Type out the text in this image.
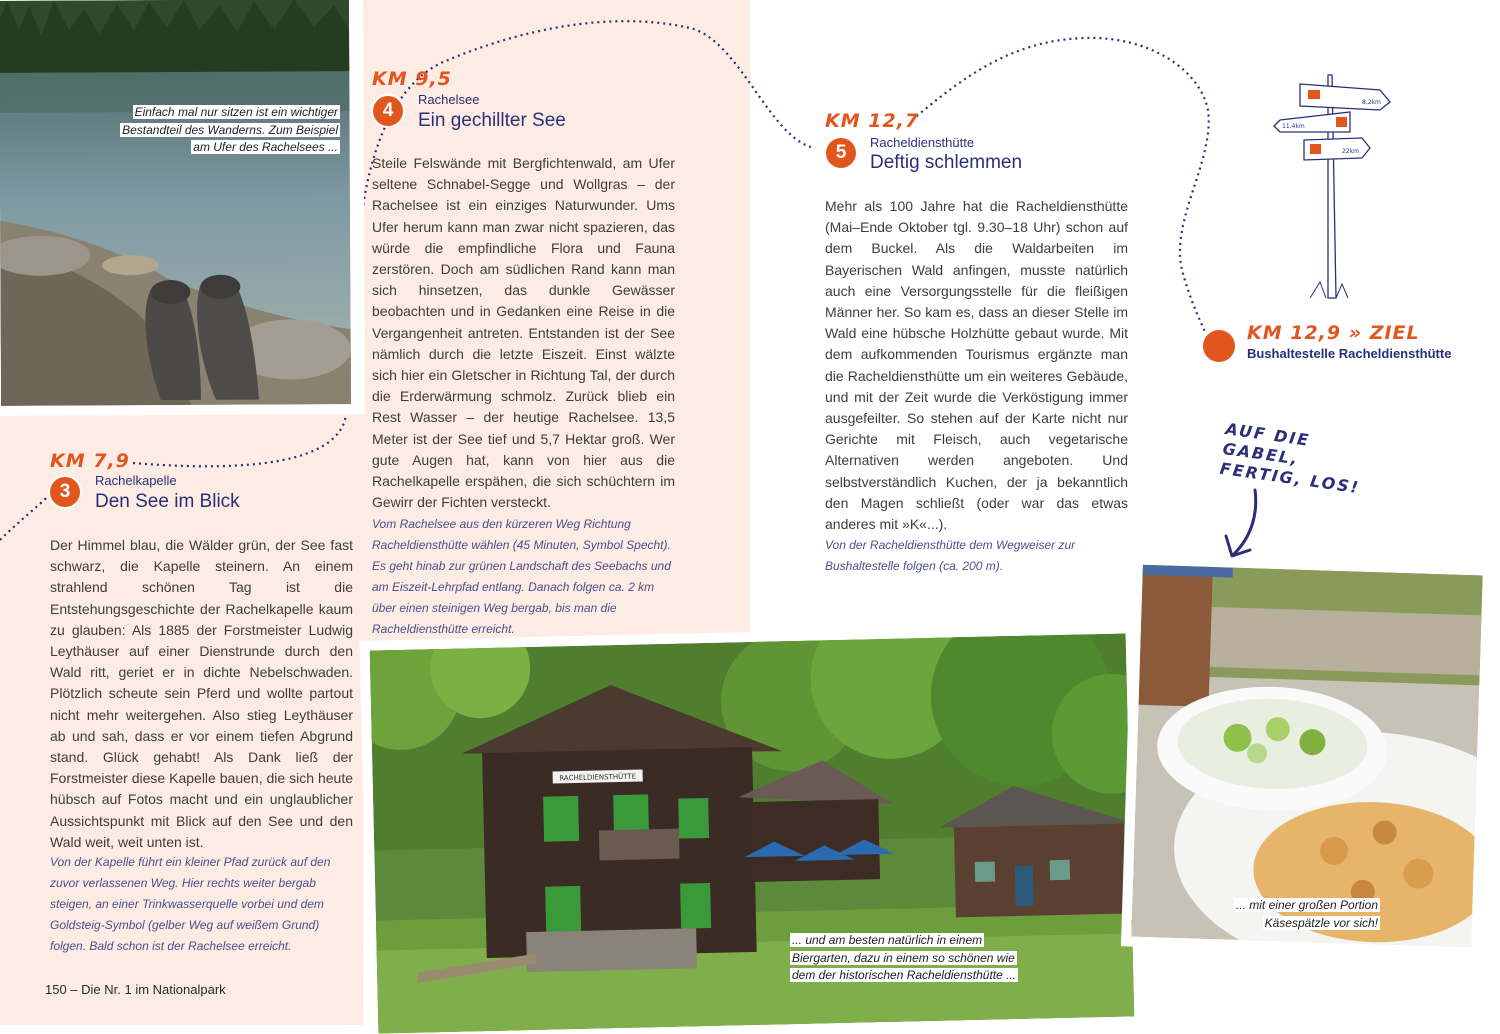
Einfach mal nur sitzen ist ein wichtiger Bestandteil des Wanderns. Zum Beispiel am Ufer des Rachelsees ...
KM 7,9
3
Rachelkapelle
Den See im Blick
Der Himmel blau, die Wälder grün, der See fast schwarz, die Kapelle steinern. An einem strahlend schönen Tag ist die Entstehungsgeschichte der Rachelkapelle kaum zu glauben: Als 1885 der Forstmeister Ludwig Leythäuser auf einer Dienstrunde durch den Wald ritt, geriet er in dichte Nebelschwaden. Plötzlich scheute sein Pferd und wollte partout nicht mehr weitergehen. Also stieg Leythäuser ab und sah, dass er vor einem tiefen Abgrund stand. Glück gehabt! Als Dank ließ der Forstmeister diese Kapelle bauen, die sich heute hübsch auf Fotos macht und ein unglaublicher Aussichtspunkt mit Blick auf den See und den Wald weit, weit unten ist.
Von der Kapelle führt ein kleiner Pfad zurück auf den zuvor verlassenen Weg. Hier rechts weiter bergab steigen, an einer Trinkwasserquelle vorbei und dem Goldsteig-Symbol (gelber Weg auf weißem Grund) folgen. Bald schon ist der Rachelsee erreicht.
KM 9,5
4
Rachelsee
Ein gechillter See
Steile Felswände mit Bergfichtenwald, am Ufer seltene Schnabel-Segge und Wollgras – der Rachelsee ist ein einziges Naturwunder. Ums Ufer herum kann man zwar nicht spazieren, das würde die empfindliche Flora und Fauna zerstören. Doch am südlichen Rand kann man sich hinsetzen, das dunkle Gewässer beobachten und in Gedanken eine Reise in die Vergangenheit antreten. Entstanden ist der See nämlich durch die letzte Eiszeit. Einst wälzte sich hier ein Gletscher in Richtung Tal, der durch die Erderwärmung schmolz. Zurück blieb ein Rest Wasser – der heutige Rachelsee. 13,5 Meter ist der See tief und 5,7 Hektar groß. Wer gute Augen hat, kann von hier aus die Rachelkapelle erspähen, die sich schüchtern im Gewirr der Fichten versteckt.
Vom Rachelsee aus den kürzeren Weg Richtung Racheldiensthütte wählen (45 Minuten, Symbol Specht). Es geht hinab zur grünen Landschaft des Seebachs und am Eiszeit-Lehrpfad entlang. Danach folgen ca. 2 km über einen steinigen Weg bergab, bis man die Racheldiensthütte erreicht.
KM 12,7
5	Racheldiensthütte
Deftig schlemmen
Mehr als 100 Jahre hat die Racheldiensthütte (Mai–Ende Oktober tgl. 9.30–18 Uhr) schon auf dem Buckel. Als die Waldarbeiten im Bayerischen Wald anfingen, musste natürlich auch eine Versorgungsstelle für die fleißigen Männer her. So kam es, dass an dieser Stelle im Wald eine hübsche Holzhütte gebaut wurde. Mit dem aufkommenden Tourismus ergänzte man die Racheldiensthütte um ein weiteres Gebäude, und mit der Zeit wurde die Verköstigung immer ausgefeilter. So stehen auf der Karte nicht nur Gerichte mit Fleisch, auch vegetarische Alternativen werden angeboten. Und selbstverständlich Kuchen, der ja bekanntlich den Magen schließt (oder war das etwas anderes mit »K«...).
Von der Racheldiensthütte dem Wegweiser zur Bushaltestelle folgen (ca. 200 m).
KM 12,9 » ZIEL
Bushaltestelle Racheldiensthütte
8,2km
11,4km
22km
AUF DIE GABEL, FERTIG, LOS!
RACHELDIENSTHÜTTE
... und am besten natürlich in einem Biergarten, dazu in einem so schönen wie dem der historischen Racheldiensthütte ...
... mit einer großen Portion Käsespätzle vor sich!
150 – Die Nr. 1 im Nationalpark
